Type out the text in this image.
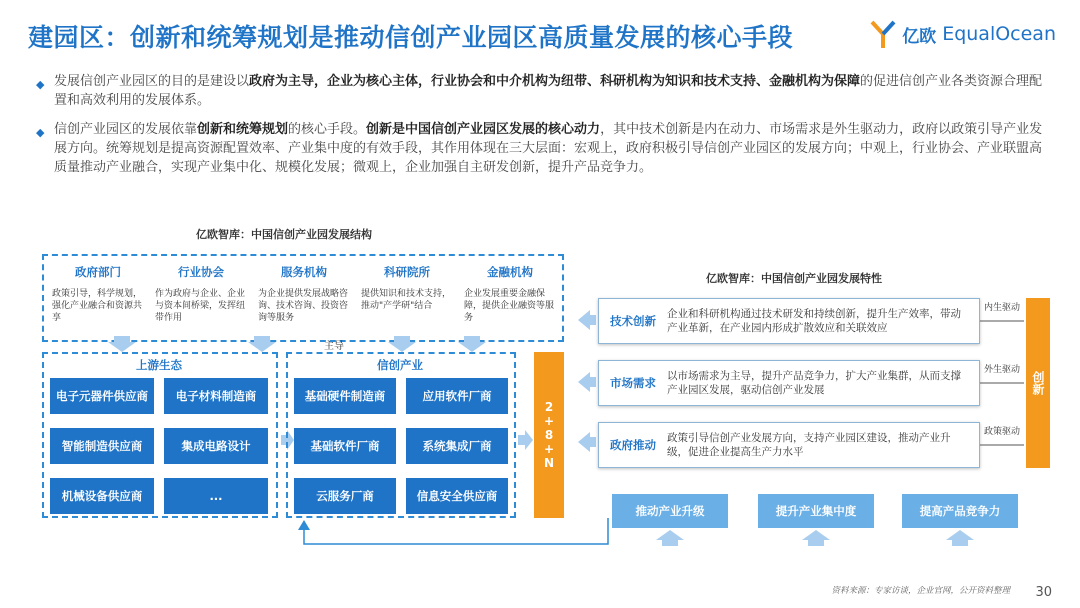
建园区：创新和统筹规划是推动信创产业园区高质量发展的核心手段	亿欧 EqualOcean
◆ 发展信创产业园区的目的是建设以政府为主导，企业为核心主体，行业协会和中介机构为纽带、科研机构为知识和技术支持、金融机构为保障的促进信创产业各类资源合理配置和高效利用的发展体系。
◆ 信创产业园区的发展依靠创新和统筹规划的核心手段。创新是中国信创产业园区发展的核心动力，其中技术创新是内在动力、市场需求是外生驱动力，政府以政策引导产业发展方向。统筹规划是提高资源配置效率、产业集中度的有效手段，其作用体现在三大层面：宏观上，政府积极引导信创产业园区的发展方向；中观上，行业协会、产业联盟高质量推动产业融合，实现产业集中化、规模化发展；微观上，企业加强自主研发创新，提升产品竞争力。
亿欧智库：中国信创产业园发展结构
政府部门
政策引导，科学规划，强化产业融合和资源共享
行业协会
作为政府与企业、企业与资本间桥梁，发挥纽带作用
服务机构
为企业提供发展战略咨询、技术咨询、投资咨询等服务
科研院所
提供知识和技术支持，推动"产学研"结合
金融机构
企业发展重要金融保障，提供企业融资等服务
主导
上游生态
电子元器件供应商	电子材料制造商
智能制造供应商	集成电路设计
机械设备供应商	...
信创产业
基础硬件制造商	应用软件厂商
基础软件厂商	系统集成厂商
云服务厂商	信息安全供应商
2+8+N
亿欧智库：中国信创产业园发展特性
技术创新	企业和科研机构通过技术研发和持续创新，提升生产效率，带动产业革新，在产业园内形成扩散效应和关联效应
市场需求	以市场需求为主导，提升产品竞争力，扩大产业集群，从而支撑产业园区发展，驱动信创产业发展
政府推动	政策引导信创产业发展方向，支持产业园区建设，推动产业升级，促进企业提高生产力水平
内生驱动
外生驱动
政策驱动
创新
推动产业升级	提升产业集中度	提高产品竞争力
资料来源：专家访谈，企业官网，公开资料整理 30
